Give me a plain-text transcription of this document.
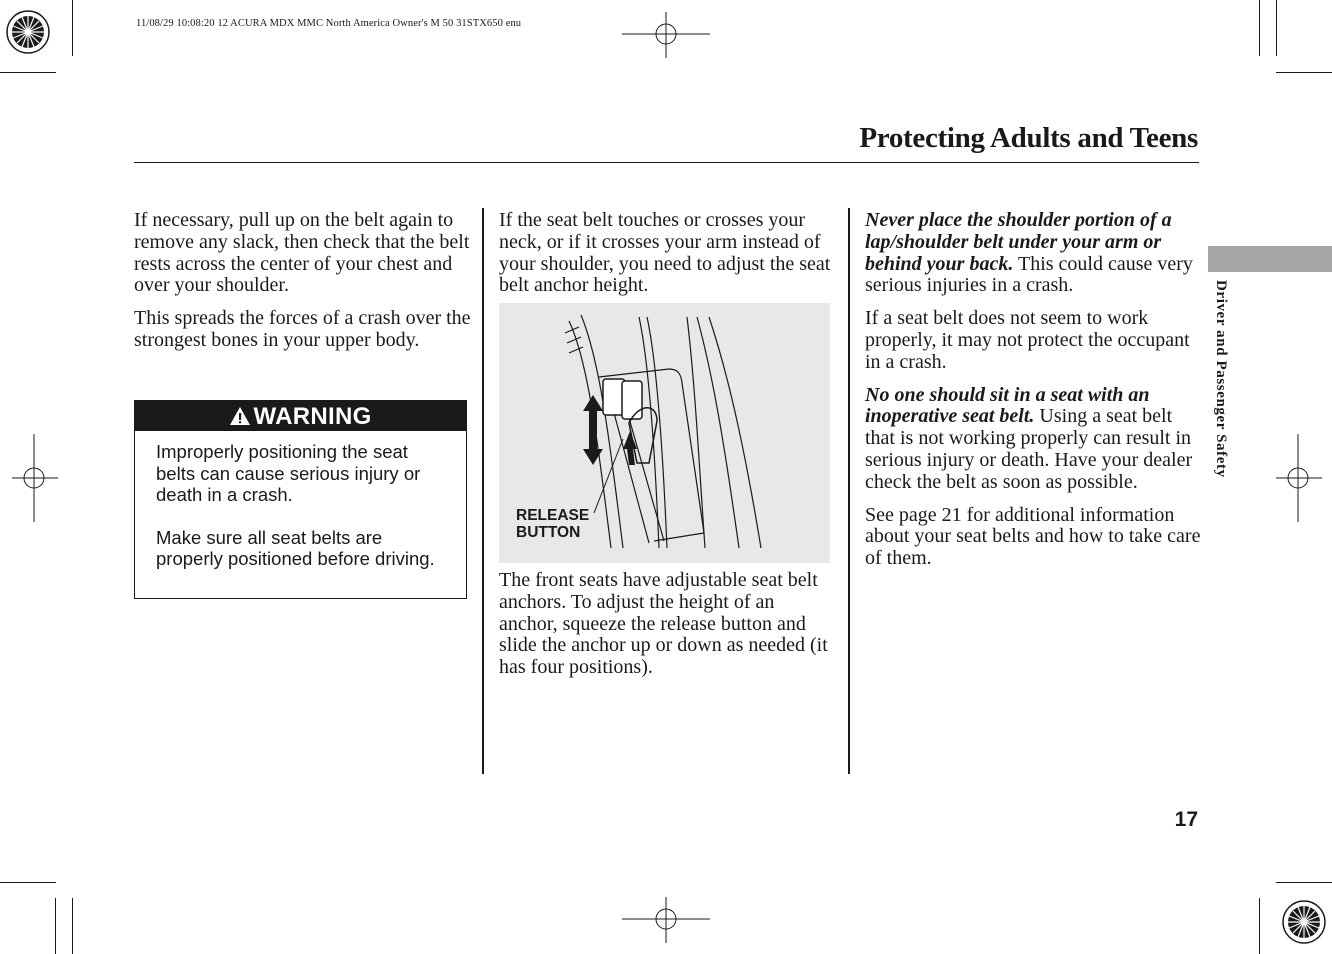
11/08/29 10:08:20 12 ACURA MDX MMC North America Owner's M 50 31STX650 enu
Protecting Adults and Teens

If necessary, pull up on the belt again to remove any slack, then check that the belt rests across the center of your chest and over your shoulder.

This spreads the forces of a crash over the strongest bones in your upper body.

WARNING

Improperly positioning the seat belts can cause serious injury or death in a crash.

Make sure all seat belts are properly positioned before driving.

If the seat belt touches or crosses your neck, or if it crosses your arm instead of your shoulder, you need to adjust the seat belt anchor height.

RELEASE
BUTTON

The front seats have adjustable seat belt anchors. To adjust the height of an anchor, squeeze the release button and slide the anchor up or down as needed (it has four positions).

Never place the shoulder portion of a lap/shoulder belt under your arm or behind your back. This could cause very serious injuries in a crash.

If a seat belt does not seem to work properly, it may not protect the occupant in a crash.

No one should sit in a seat with an inoperative seat belt. Using a seat belt that is not working properly can result in serious injury or death. Have your dealer check the belt as soon as possible.

See page 21 for additional information about your seat belts and how to take care of them.

Driver and Passenger Safety
17
